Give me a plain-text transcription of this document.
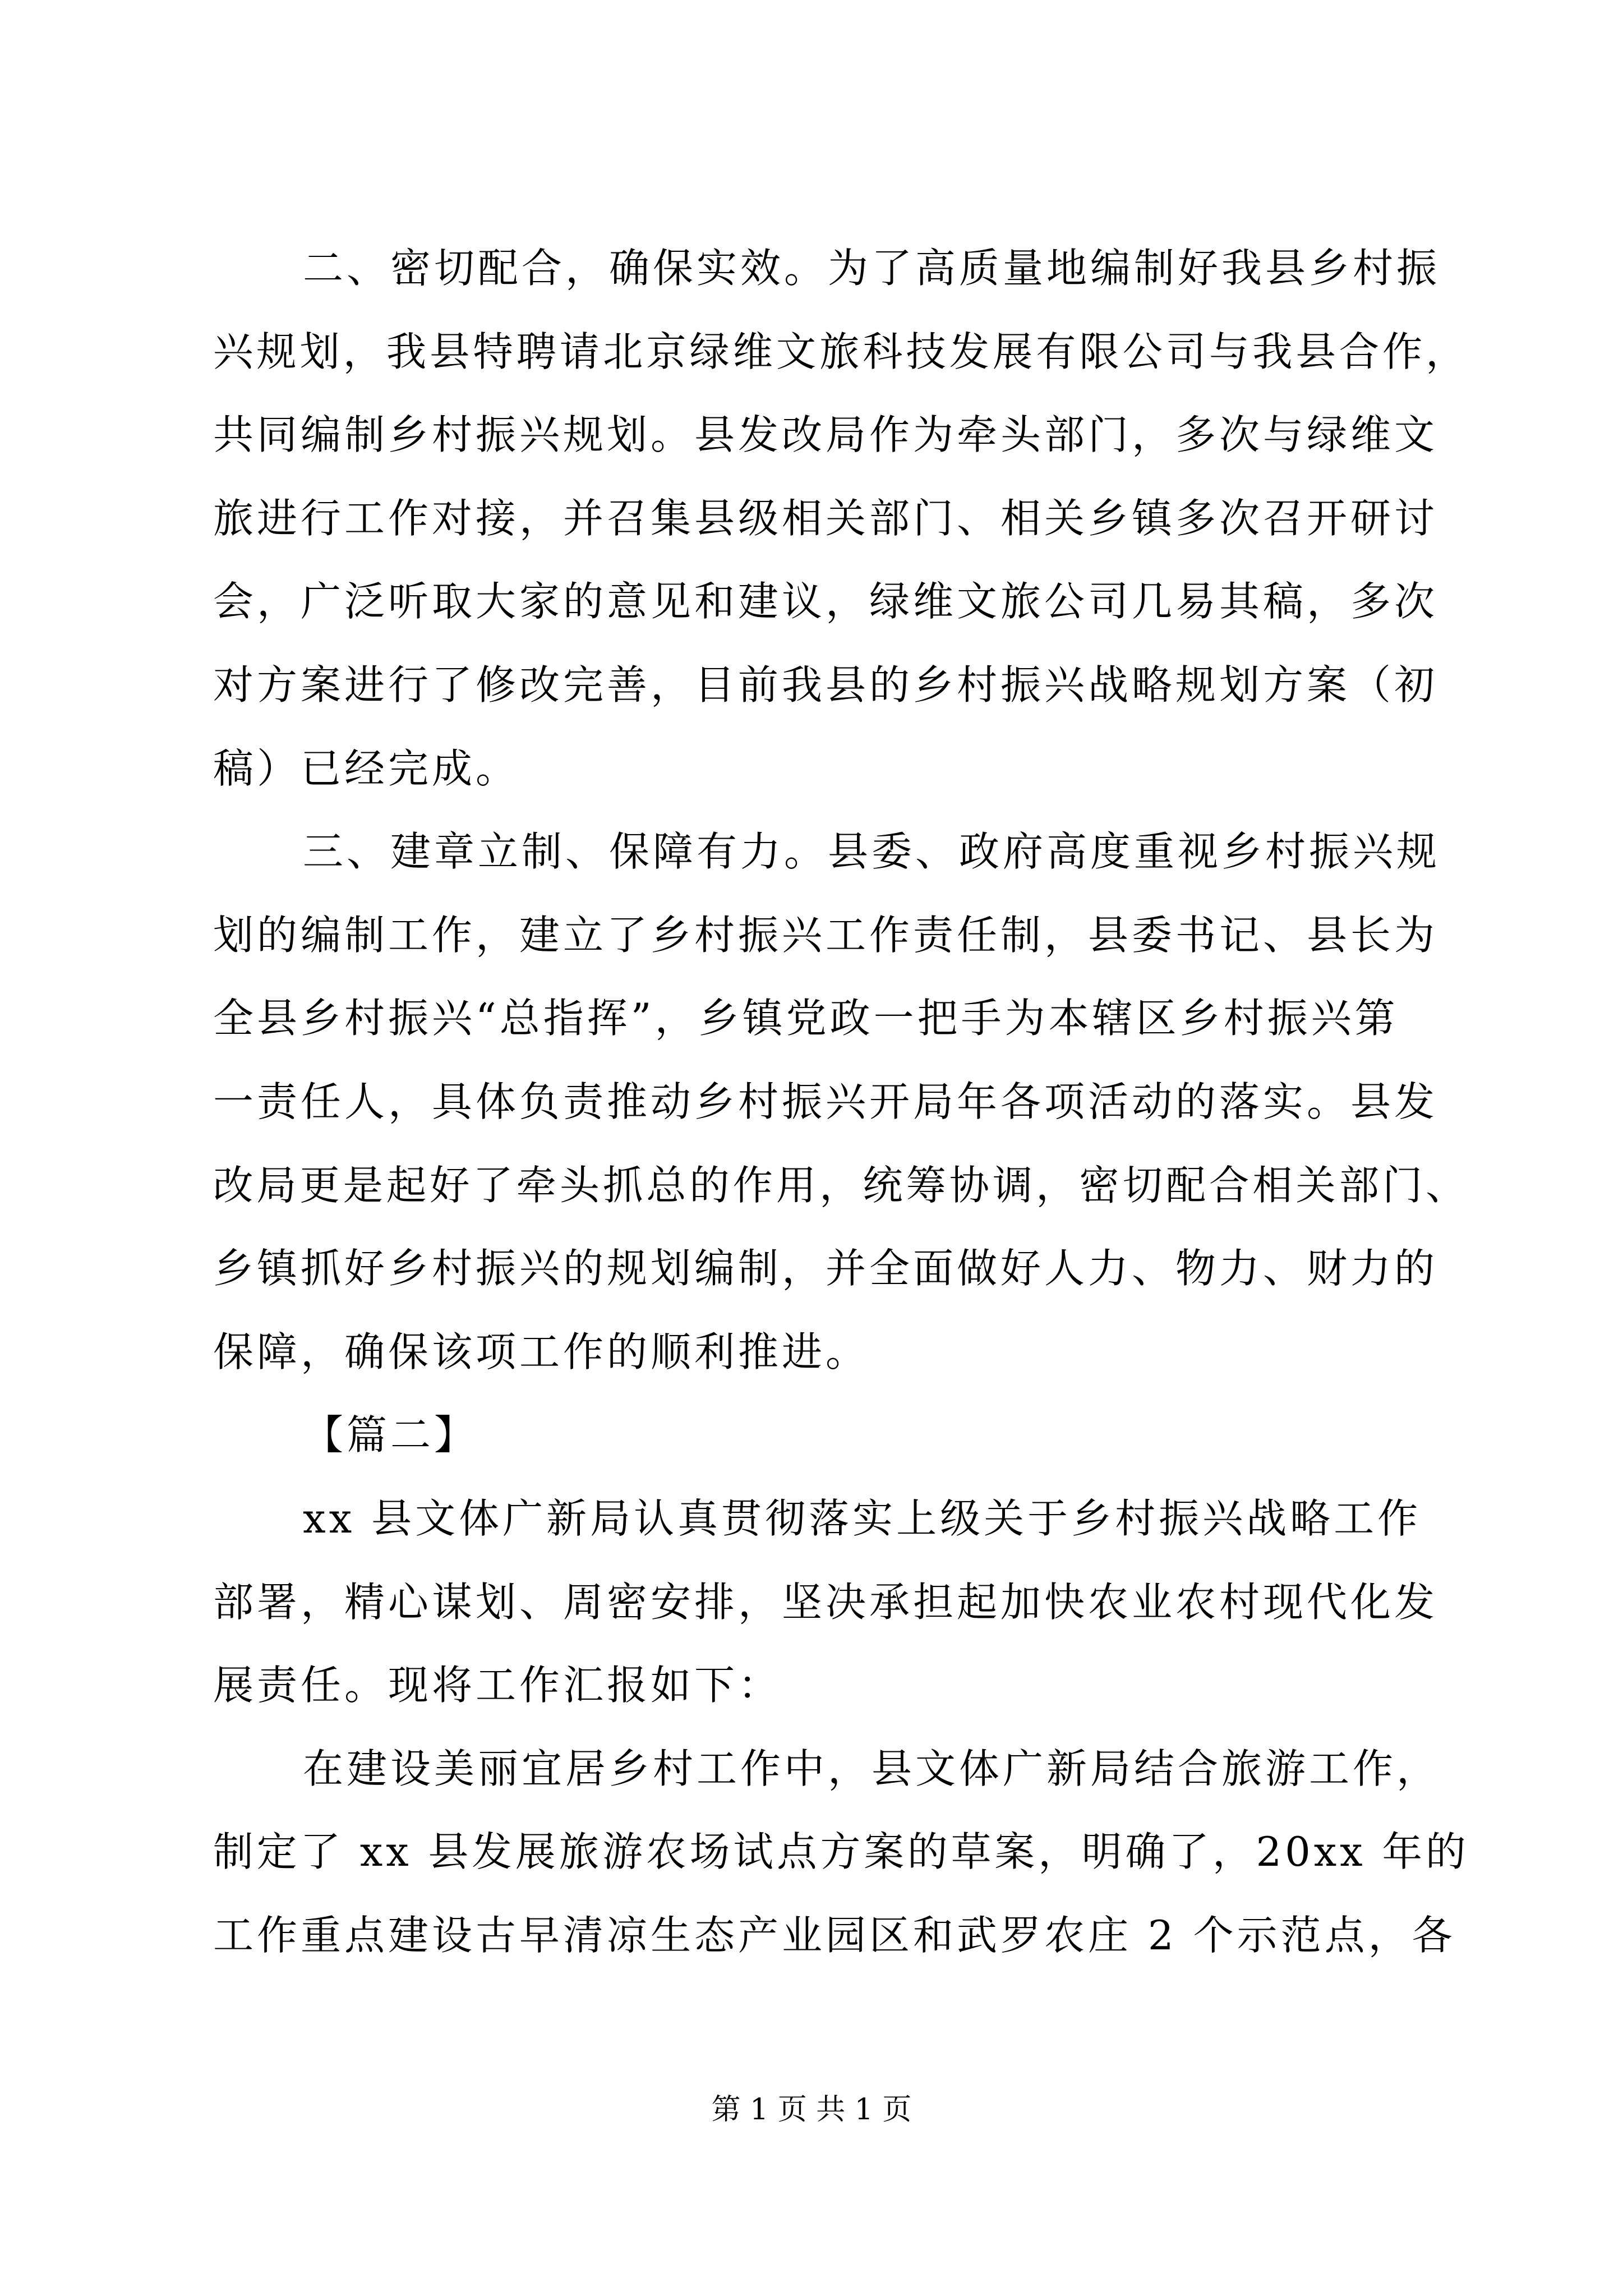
二、密切配合，确保实效。为了高质量地编制好我县乡村振
兴规划，我县特聘请北京绿维文旅科技发展有限公司与我县合作，
共同编制乡村振兴规划。县发改局作为牵头部门，多次与绿维文
旅进行工作对接，并召集县级相关部门、相关乡镇多次召开研讨
会，广泛听取大家的意见和建议，绿维文旅公司几易其稿，多次
对方案进行了修改完善，目前我县的乡村振兴战略规划方案（初
稿）已经完成。
三、建章立制、保障有力。县委、政府高度重视乡村振兴规
划的编制工作，建立了乡村振兴工作责任制，县委书记、县长为
全县乡村振兴“总指挥”，乡镇党政一把手为本辖区乡村振兴第
一责任人，具体负责推动乡村振兴开局年各项活动的落实。县发
改局更是起好了牵头抓总的作用，统筹协调，密切配合相关部门、
乡镇抓好乡村振兴的规划编制，并全面做好人力、物力、财力的
保障，确保该项工作的顺利推进。
【篇二】
xx 县文体广新局认真贯彻落实上级关于乡村振兴战略工作
部署，精心谋划、周密安排，坚决承担起加快农业农村现代化发
展责任。现将工作汇报如下：
在建设美丽宜居乡村工作中，县文体广新局结合旅游工作，
制定了 xx 县发展旅游农场试点方案的草案，明确了，20xx 年的
工作重点建设古早清凉生态产业园区和武罗农庄 2 个示范点，各
第 1 页 共 1 页
